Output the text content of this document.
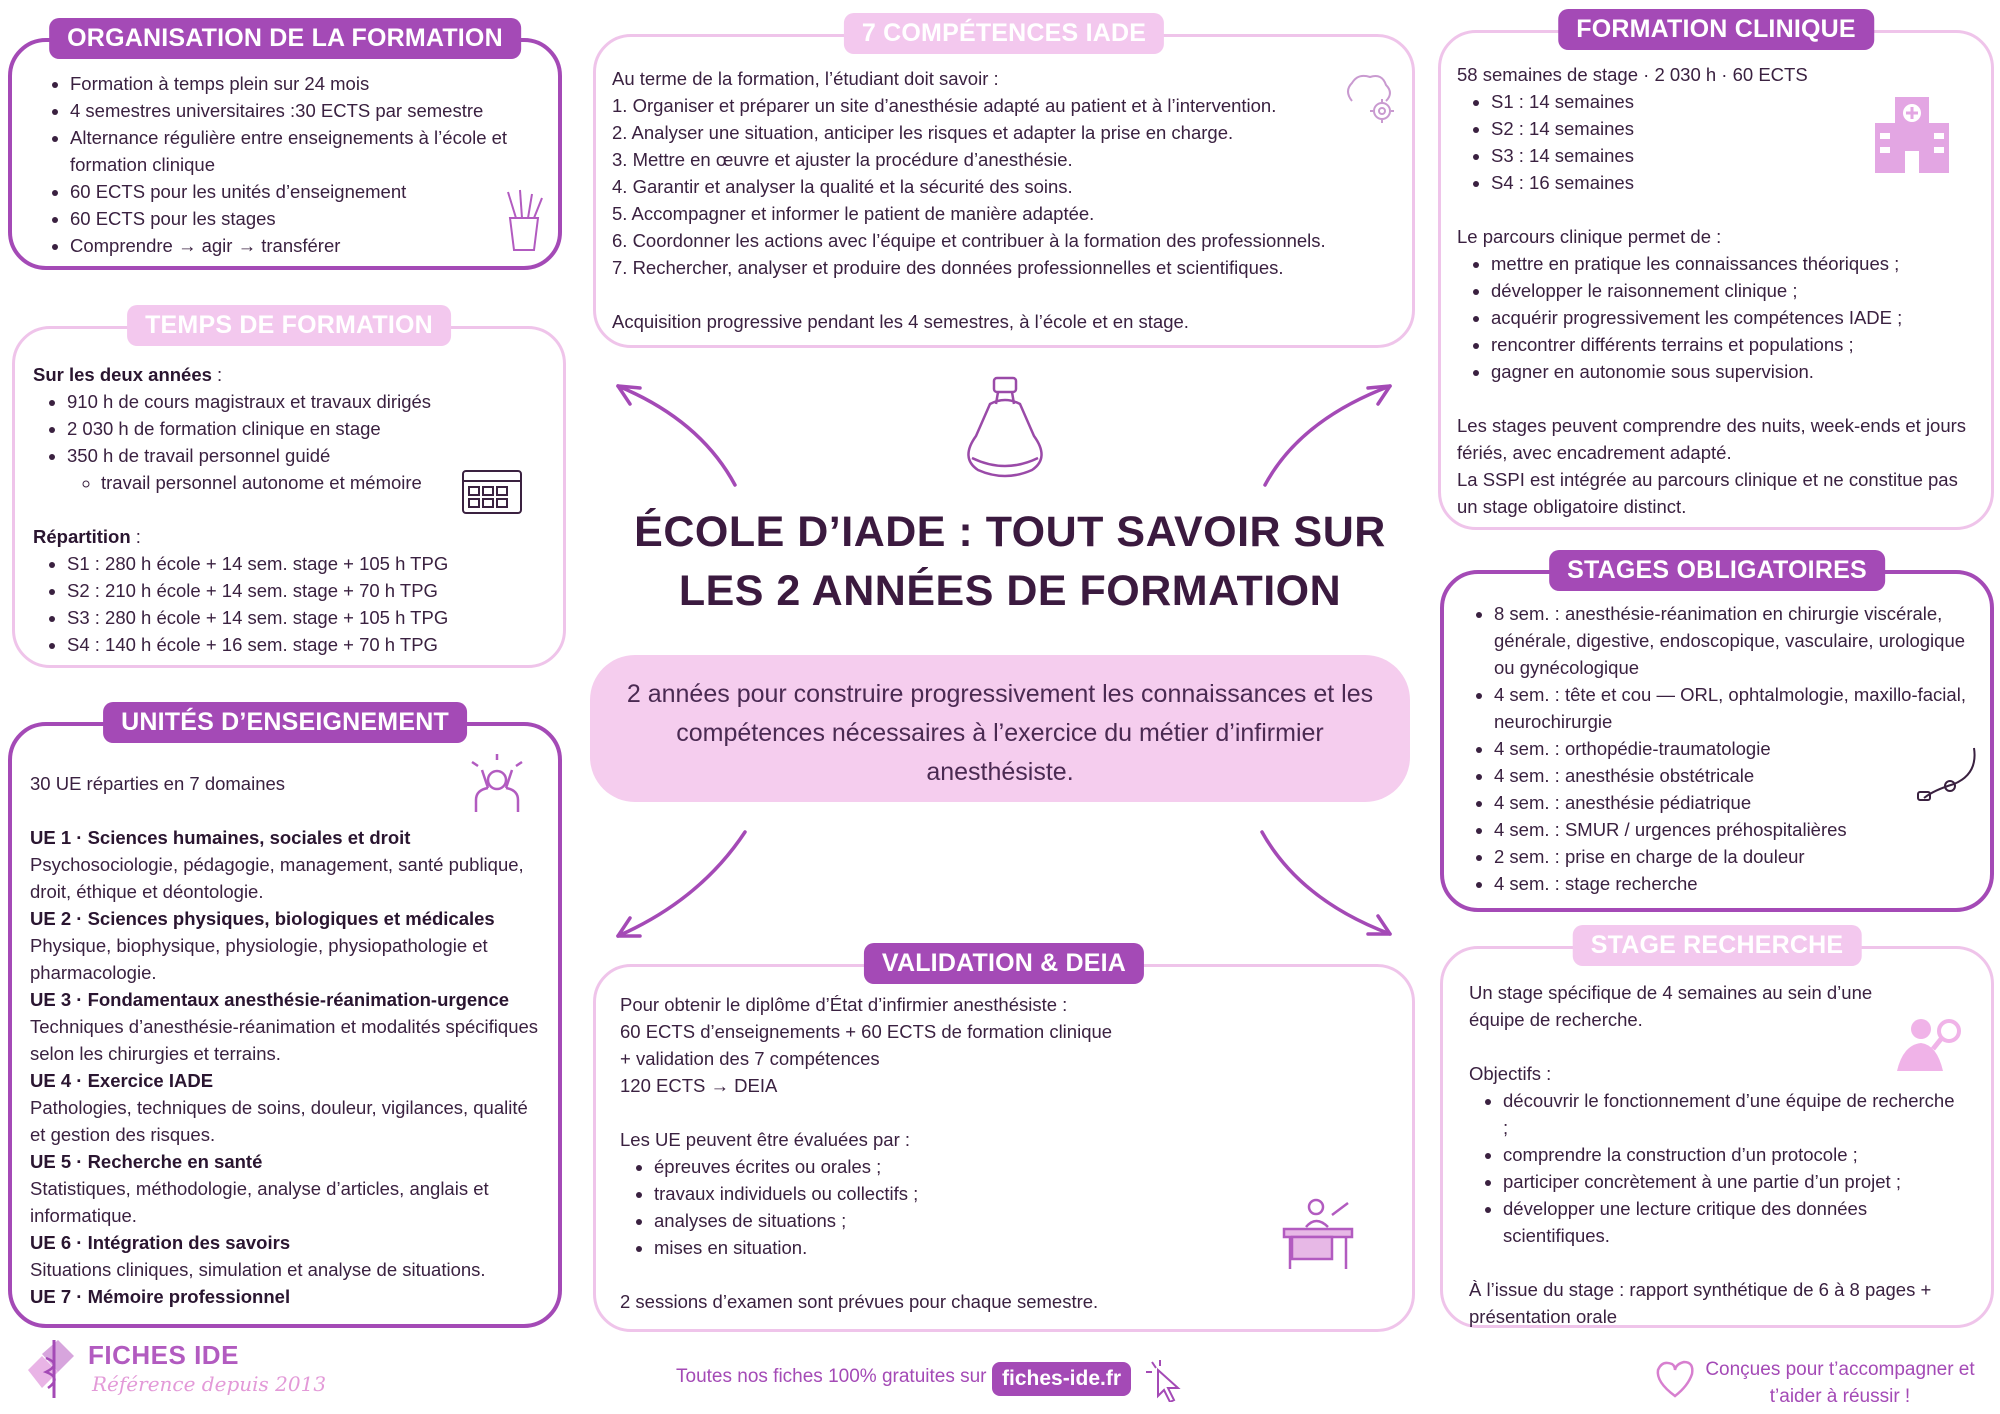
ORGANISATION DE LA FORMATION
• Formation à temps plein sur 24 mois
• 4 semestres universitaires :30 ECTS par semestre
• Alternance régulière entre enseignements à l’école et formation clinique
• 60 ECTS pour les unités d’enseignement
• 60 ECTS pour les stages
• Comprendre → agir → transférer
TEMPS DE FORMATION

Sur les deux années :

• 910 h de cours magistraux et travaux dirigés
• 2 030 h de formation clinique en stage
• 350 h de travail personnel guidé
◦ travail personnel autonome et mémoire

Répartition :

• S1 : 280 h école + 14 sem. stage + 105 h TPG
• S2 : 210 h école + 14 sem. stage + 70 h TPG
• S3 : 280 h école + 14 sem. stage + 105 h TPG
• S4 : 140 h école + 16 sem. stage + 70 h TPG
UNITÉS D’ENSEIGNEMENT

30 UE réparties en 7 domaines

UE 1 · Sciences humaines, sociales et droit

Psychosociologie, pédagogie, management, santé publique, droit, éthique et déontologie.

UE 2 · Sciences physiques, biologiques et médicales

Physique, biophysique, physiologie, physiopathologie et pharmacologie.

UE 3 · Fondamentaux anesthésie-réanimation-urgence

Techniques d’anesthésie-réanimation et modalités spécifiques selon les chirurgies et terrains.

UE 4 · Exercice IADE

Pathologies, techniques de soins, douleur, vigilances, qualité et gestion des risques.

UE 5 · Recherche en santé

Statistiques, méthodologie, analyse d’articles, anglais et informatique.

UE 6 · Intégration des savoirs

Situations cliniques, simulation et analyse de situations.

UE 7 · Mémoire professionnel

7 COMPÉTENCES IADE

Au terme de la formation, l’étudiant doit savoir :

1. Organiser et préparer un site d’anesthésie adapté au patient et à l’intervention.
2. Analyser une situation, anticiper les risques et adapter la prise en charge.
3. Mettre en œuvre et ajuster la procédure d’anesthésie.
4. Garantir et analyser la qualité et la sécurité des soins.
5. Accompagner et informer le patient de manière adaptée.
6. Coordonner les actions avec l’équipe et contribuer à la formation des professionnels.
7. Rechercher, analyser et produire des données professionnelles et scientifiques.

Acquisition progressive pendant les 4 semestres, à l’école et en stage.

ÉCOLE D’IADE : TOUT SAVOIR SUR
LES 2 ANNÉES DE FORMATION
2 années pour construire progressivement les connaissances et les compétences nécessaires à l’exercice du métier d’infirmier anesthésiste.
VALIDATION & DEIA

Pour obtenir le diplôme d’État d’infirmier anesthésiste :

60 ECTS d’enseignements + 60 ECTS de formation clinique

+ validation des 7 compétences

120 ECTS → DEIA

Les UE peuvent être évaluées par :

• épreuves écrites ou orales ;
• travaux individuels ou collectifs ;
• analyses de situations ;
• mises en situation.

2 sessions d’examen sont prévues pour chaque semestre.

FORMATION CLINIQUE

58 semaines de stage · 2 030 h · 60 ECTS

• S1 : 14 semaines
• S2 : 14 semaines
• S3 : 14 semaines
• S4 : 16 semaines

Le parcours clinique permet de :

• mettre en pratique les connaissances théoriques ;
• développer le raisonnement clinique ;
• acquérir progressivement les compétences IADE ;
• rencontrer différents terrains et populations ;
• gagner en autonomie sous supervision.

Les stages peuvent comprendre des nuits, week-ends et jours fériés, avec encadrement adapté.

La SSPI est intégrée au parcours clinique et ne constitue pas un stage obligatoire distinct.

STAGES OBLIGATOIRES
• 8 sem. : anesthésie-réanimation en chirurgie viscérale, générale, digestive, endoscopique, vasculaire, urologique ou gynécologique
• 4 sem. : tête et cou — ORL, ophtalmologie, maxillo-facial, neurochirurgie
• 4 sem. : orthopédie-traumatologie
• 4 sem. : anesthésie obstétricale
• 4 sem. : anesthésie pédiatrique
• 4 sem. : SMUR / urgences préhospitalières
• 2 sem. : prise en charge de la douleur
• 4 sem. : stage recherche
STAGE RECHERCHE

Un stage spécifique de 4 semaines au sein d’une équipe de recherche.

Objectifs :

• découvrir le fonctionnement d’une équipe de recherche ;
• comprendre la construction d’un protocole ;
• participer concrètement à une partie d’un projet ;
• développer une lecture critique des données scientifiques.

À l’issue du stage : rapport synthétique de 6 à 8 pages + présentation orale

FICHES IDE
Référence depuis 2013	Toutes nos fiches 100% gratuites sur fiches-ide.fr	Conçues pour t’accompagner et t’aider à réussir !
